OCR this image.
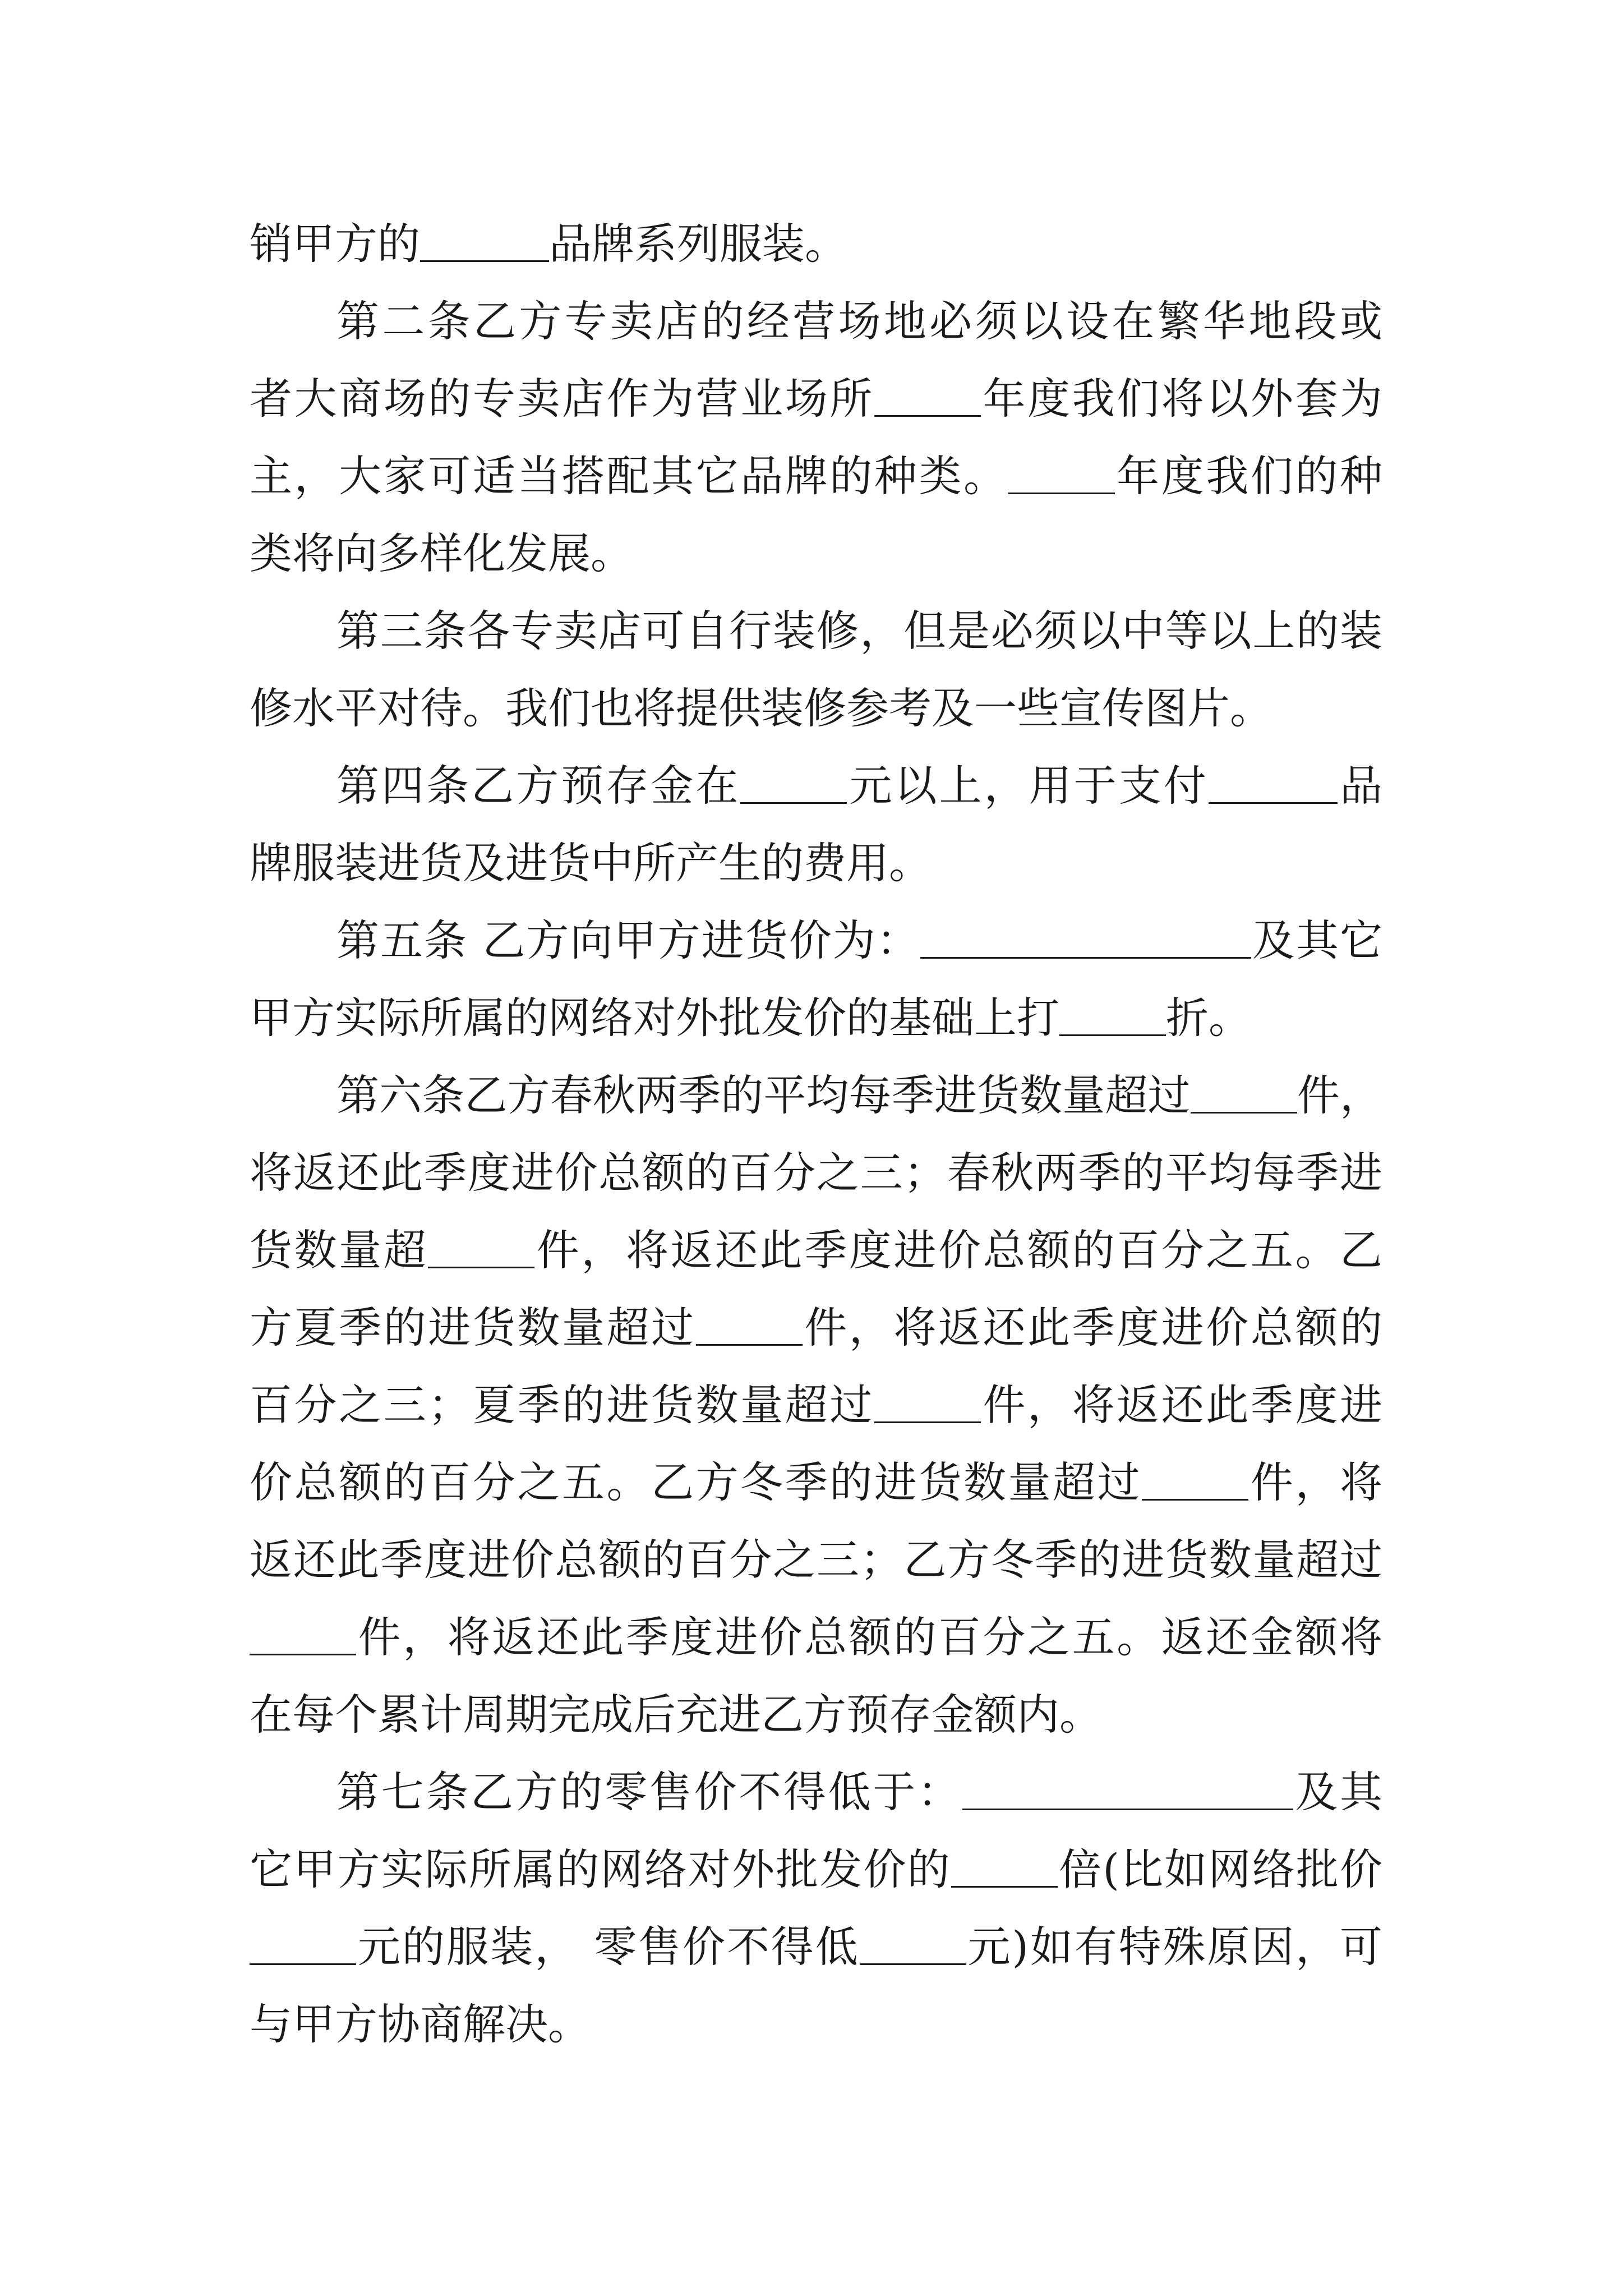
销甲方的	品牌系列服装。
第二条乙方专卖店的经营场地必须以设在繁华地段或
者大商场的专卖店作为营业场所	年度我们将以外套为
主，大家可适当搭配其它品牌的种类。	年度我们的种
类将向多样化发展。
第三条各专卖店可自行装修，但是必须以中等以上的装
修水平对待。我们也将提供装修参考及一些宣传图片。
第四条乙方预存金在	元以上，用于支付	品
牌服装进货及进货中所产生的费用。
第五条 乙方向甲方进货价为：	及其它
甲方实际所属的网络对外批发价的基础上打	折。
第六条乙方春秋两季的平均每季进货数量超过	件，
将返还此季度进价总额的百分之三；春秋两季的平均每季进
货数量超	件，将返还此季度进价总额的百分之五。乙
方夏季的进货数量超过	件，将返还此季度进价总额的
百分之三；夏季的进货数量超过	件，将返还此季度进
价总额的百分之五。乙方冬季的进货数量超过	件，将
返还此季度进价总额的百分之三；乙方冬季的进货数量超过
件，将返还此季度进价总额的百分之五。返还金额将
在每个累计周期完成后充进乙方预存金额内。
第七条乙方的零售价不得低于：	及其
它甲方实际所属的网络对外批发价的	倍(比如网络批价
元的服装， 零售价不得低	元)如有特殊原因，可
与甲方协商解决。
